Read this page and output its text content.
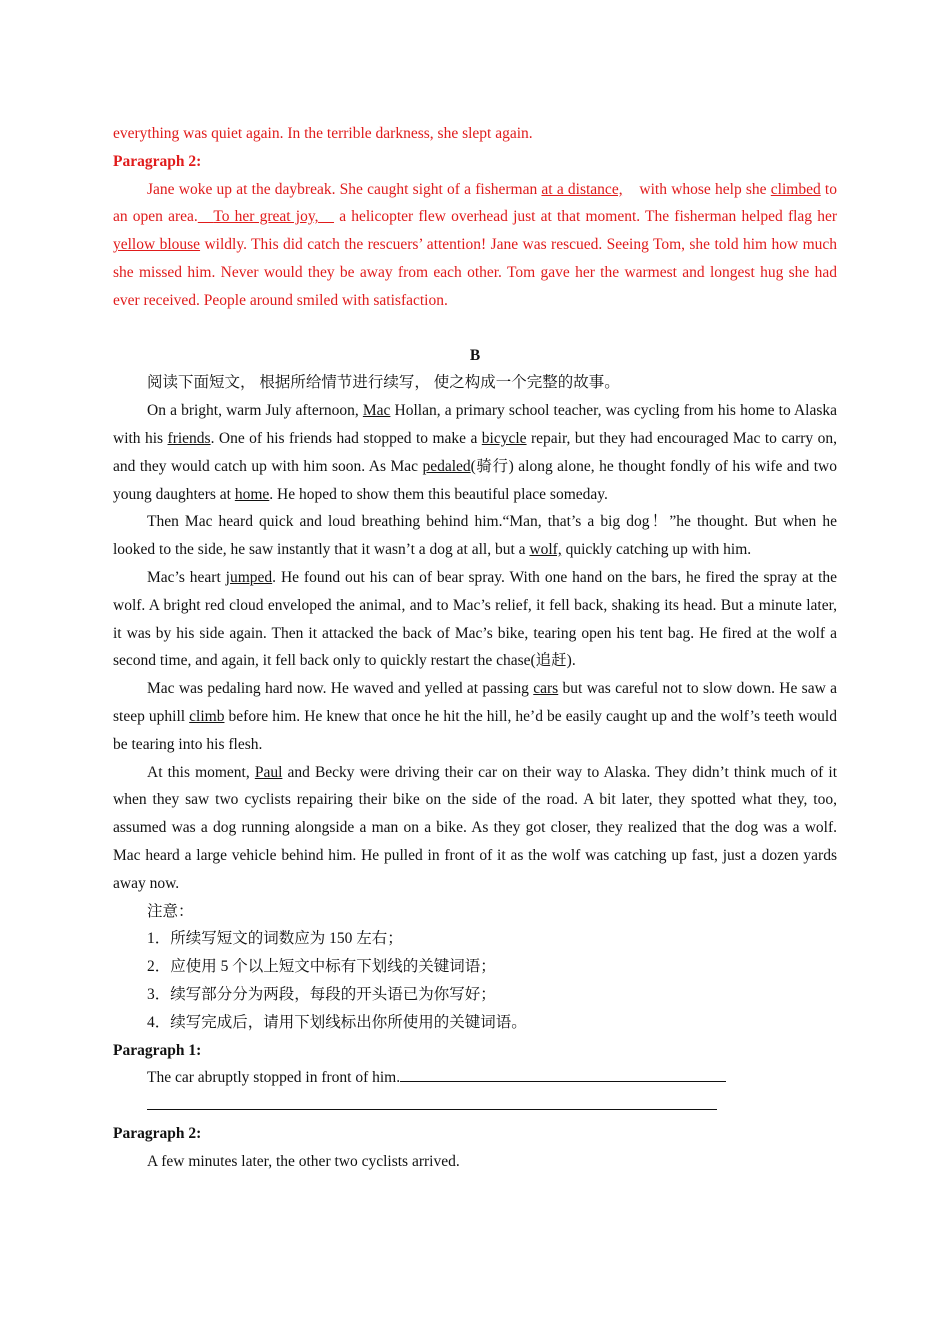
everything was quiet again. In the terrible darkness, she slept again.

Paragraph 2:

Jane woke up at the daybreak. She caught sight of a fisherman at a distance, with whose help she climbed to an open area. To her great joy,    a helicopter flew overhead just at that moment. The fisherman helped flag her yellow blouse wildly. This did catch the rescuers’ attention! Jane was rescued. Seeing Tom, she told him how much she missed him. Never would they be away from each other. Tom gave her the warmest and longest hug she had ever received. People around smiled with satisfaction.

B

阅读下面短文， 根据所给情节进行续写， 使之构成一个完整的故事。

On a bright, warm July afternoon, Mac Hollan, a primary school teacher, was cycling from his home to Alaska with his friends. One of his friends had stopped to make a bicycle repair, but they had encouraged Mac to carry on, and they would catch up with him soon. As Mac pedaled(骑行) along alone, he thought fondly of his wife and two young daughters at home. He hoped to show them this beautiful place someday.

Then Mac heard quick and loud breathing behind him.“Man, that’s a big dog！”he thought. But when he looked to the side, he saw instantly that it wasn’t a dog at all, but a wolf, quickly catching up with him.

Mac’s heart jumped. He found out his can of bear spray. With one hand on the bars, he fired the spray at the wolf. A bright red cloud enveloped the animal, and to Mac’s relief, it fell back, shaking its head. But a minute later, it was by his side again. Then it attacked the back of Mac’s bike, tearing open his tent bag. He fired at the wolf a second time, and again, it fell back only to quickly restart the chase(追赶).

Mac was pedaling hard now. He waved and yelled at passing cars but was careful not to slow down. He saw a steep uphill climb before him. He knew that once he hit the hill, he’d be easily caught up and the wolf’s teeth would be tearing into his flesh.

At this moment, Paul and Becky were driving their car on their way to Alaska. They didn’t think much of it when they saw two cyclists repairing their bike on the side of the road. A bit later, they spotted what they, too, assumed was a dog running alongside a man on a bike. As they got closer, they realized that the dog was a wolf. Mac heard a large vehicle behind him. He pulled in front of it as the wolf was catching up fast, just a dozen yards away now.

注意：

1．所续写短文的词数应为 150 左右；

2．应使用 5 个以上短文中标有下划线的关键词语；

3．续写部分分为两段，每段的开头语已为你写好；

4．续写完成后，请用下划线标出你所使用的关键词语。

Paragraph 1:

The car abruptly stopped in front of him.

Paragraph 2:

A few minutes later, the other two cyclists arrived.
